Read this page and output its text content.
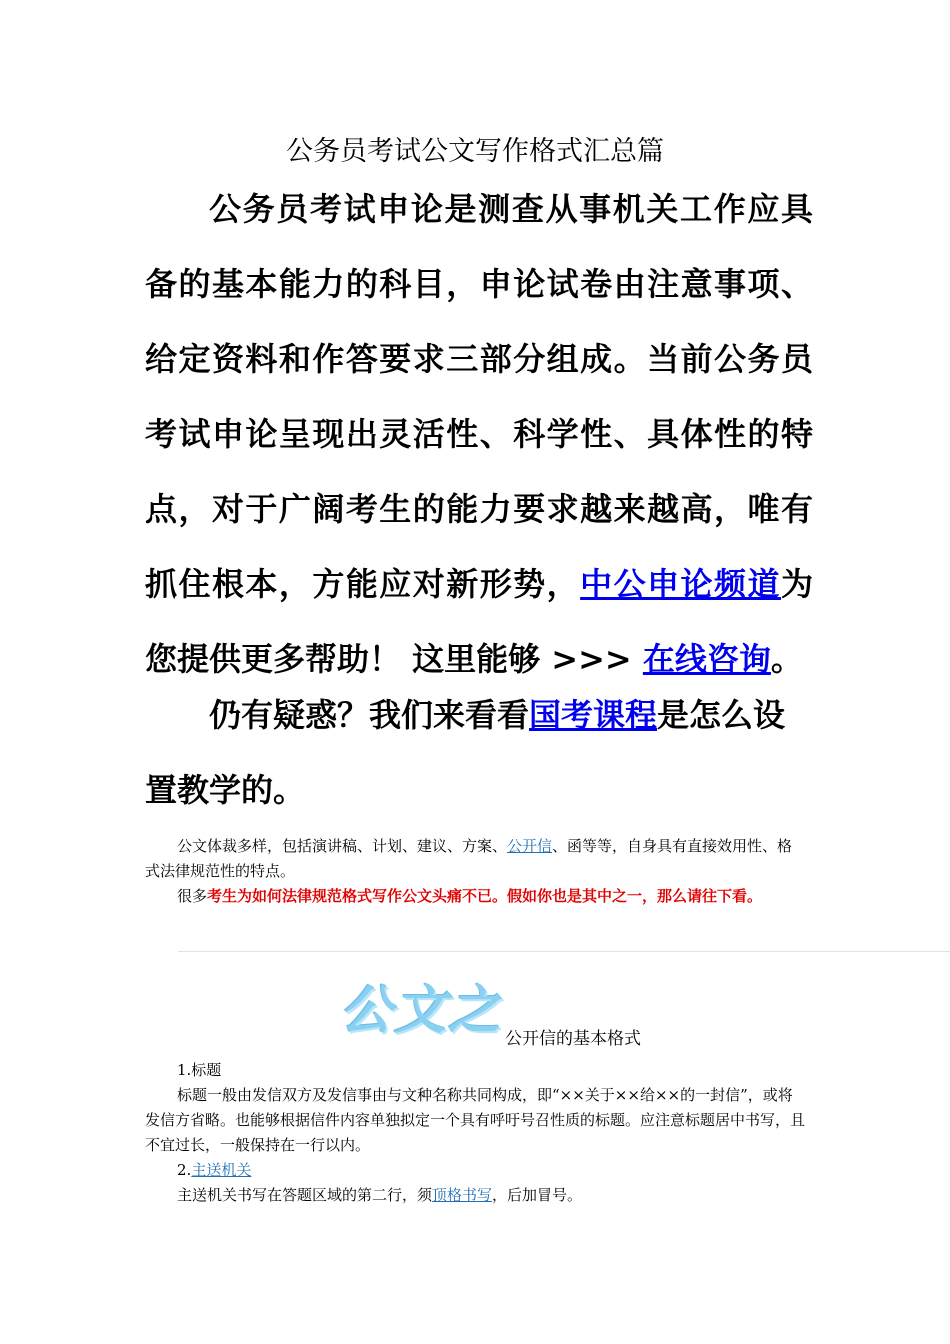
公务员考试公文写作格式汇总篇

公务员考试申论是测查从事机关工作应具备的基本能力的科目，申论试卷由注意事项、给定资料和作答要求三部分组成。当前公务员考试申论呈现出灵活性、科学性、具体性的特点，对于广阔考生的能力要求越来越高，唯有抓住根本，方能应对新形势，中公申论频道为您提供更多帮助！ 这里能够 >>> 在线咨询。

仍有疑惑？我们来看看国考课程是怎么设置教学的。

公文体裁多样，包括演讲稿、计划、建议、方案、公开信、函等等，自身具有直接效用性、格式法律规范性的特点。

很多考生为如何法律规范格式写作公文头痛不已。假如你也是其中之一，那么请往下看。

公 文 之 公开信的基本格式

1.标题

标题一般由发信双方及发信事由与文种名称共同构成，即“××关于××给××的一封信”，或将发信方省略。也能够根据信件内容单独拟定一个具有呼吁号召性质的标题。应注意标题居中书写，且不宜过长，一般保持在一行以内。

2.主送机关

主送机关书写在答题区域的第二行，须顶格书写，后加冒号。
